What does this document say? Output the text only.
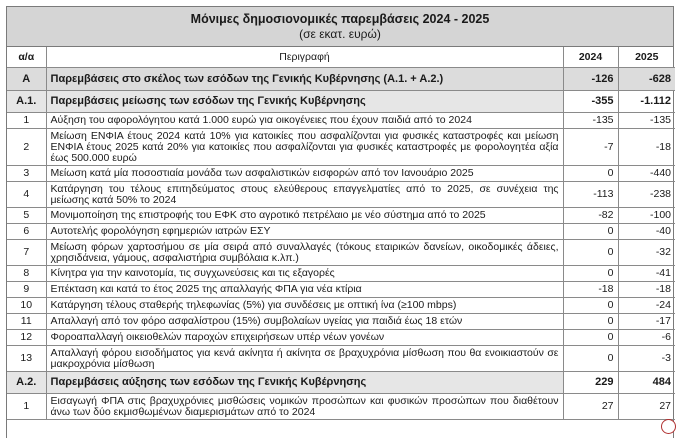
Μόνιμες δημοσιονομικές παρεμβάσεις 2024 - 2025
(σε εκατ. ευρώ)
α/α	Περιγραφή	2024	2025
Α	Παρεμβάσεις στο σκέλος των εσόδων της Γενικής Κυβέρνησης (Α.1. + Α.2.)	-126	-628
Α.1.	Παρεμβάσεις μείωσης των εσόδων της Γενικής Κυβέρνησης	-355	-1.112
1	Αύξηση του αφορολόγητου κατά 1.000 ευρώ για οικογένειες που έχουν παιδιά από το 2024	-135	-135
2	Μείωση ΕΝΦΙΑ έτους 2024 κατά 10% για κατοικίες που ασφαλίζονται για φυσικές καταστροφές και μείωση ΕΝΦΙΑ έτους 2025 κατά 20% για κατοικίες που ασφαλίζονται για φυσικές καταστροφές με φορολογητέα αξία έως 500.000 ευρώ	-7	-18
3	Μείωση κατά μία ποσοστιαία μονάδα των ασφαλιστικών εισφορών από τον Ιανουάριο 2025	0	-440
4	Κατάργηση του τέλους επιτηδεύματος στους ελεύθερους επαγγελματίες από το 2025, σε συνέχεια της μείωσης κατά 50% το 2024	-113	-238
5	Μονιμοποίηση της επιστροφής του ΕΦΚ στο αγροτικό πετρέλαιο με νέο σύστημα από το 2025	-82	-100
6	Αυτοτελής φορολόγηση εφημεριών ιατρών ΕΣΥ	0	-40
7	Μείωση φόρων χαρτοσήμου σε μία σειρά από συναλλαγές (τόκους εταιρικών δανείων, οικοδομικές άδειες, χρησιδάνεια, γάμους, ασφαλιστήρια συμβόλαια κ.λπ.)	0	-32
8	Κίνητρα για την καινοτομία, τις συγχωνεύσεις και τις εξαγορές	0	-41
9	Επέκταση και κατά το έτος 2025 της απαλλαγής ΦΠΑ για νέα κτίρια	-18	-18
10	Κατάργηση τέλους σταθερής τηλεφωνίας (5%) για συνδέσεις με οπτική ίνα (≥100 mbps)	0	-24
11	Απαλλαγή από τον φόρο ασφαλίστρου (15%) συμβολαίων υγείας για παιδιά έως 18 ετών	0	-17
12	Φοροαπαλλαγή οικειοθελών παροχών επιχειρήσεων υπέρ νέων γονέων	0	-6
13	Απαλλαγή φόρου εισοδήματος για κενά ακίνητα ή ακίνητα σε βραχυχρόνια μίσθωση που θα ενοικιαστούν σε μακροχρόνια μίσθωση	0	-3
Α.2.	Παρεμβάσεις αύξησης των εσόδων της Γενικής Κυβέρνησης	229	484
1	Εισαγωγή ΦΠΑ στις βραχυχρόνιες μισθώσεις νομικών προσώπων και φυσικών προσώπων που διαθέτουν άνω των δύο εκμισθωμένων διαμερισμάτων από το 2024	27	27
